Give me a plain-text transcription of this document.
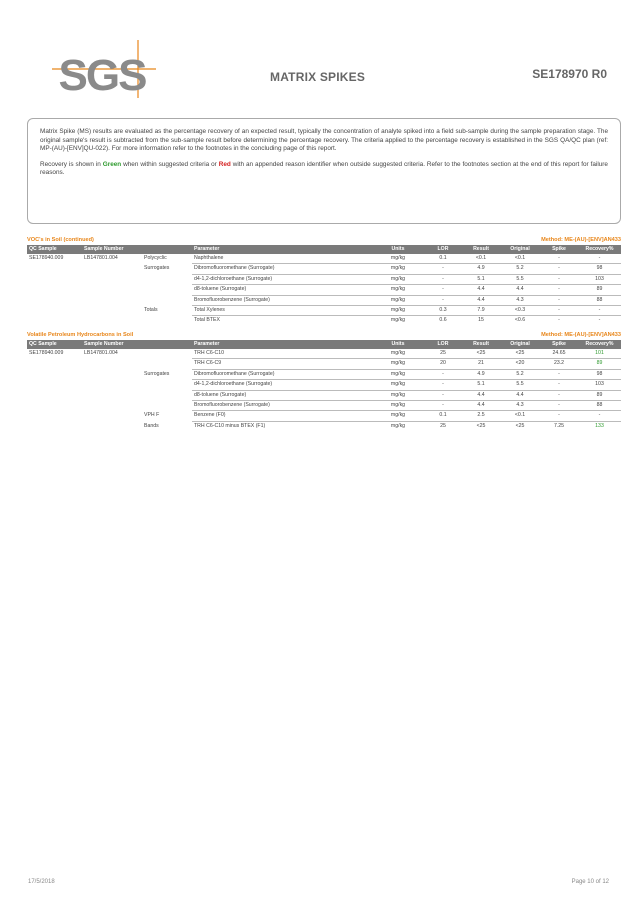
SGS	MATRIX SPIKES	SE178970 R0

Matrix Spike (MS) results are evaluated as the percentage recovery of an expected result, typically the concentration of analyte spiked into a field sub-sample during the sample preparation stage. The original sample's result is subtracted from the sub-sample result before determining the percentage recovery. The criteria applied to the percentage recovery is established in the SGS QA/QC plan (ref: MP-(AU)-[ENV]QU-022). For more information refer to the footnotes in the concluding page of this report.

Recovery is shown in Green when within suggested criteria or Red with an appended reason identifier when outside suggested criteria. Refer to the footnotes section at the end of this report for failure reasons.

VOC's in Soil (continued)	Method: ME-(AU)-[ENV]AN433
QC Sample	Sample Number		Parameter	Units	LOR	Result	Original	Spike	Recovery%
SE178940.009	LB147801.004	Polycyclic	Naphthalene	mg/kg	0.1	<0.1	<0.1	-	-
		Surrogates	Dibromofluoromethane (Surrogate)	mg/kg	-	4.9	5.2	-	98
			d4-1,2-dichloroethane (Surrogate)	mg/kg	-	5.1	5.5	-	103
			d8-toluene (Surrogate)	mg/kg	-	4.4	4.4	-	89
			Bromofluorobenzene (Surrogate)	mg/kg	-	4.4	4.3	-	88
		Totals	Total Xylenes	mg/kg	0.3	7.9	<0.3	-	-
			Total BTEX	mg/kg	0.6	15	<0.6	-	-
Volatile Petroleum Hydrocarbons in Soil	Method: ME-(AU)-[ENV]AN433
QC Sample	Sample Number		Parameter	Units	LOR	Result	Original	Spike	Recovery%
SE178940.009	LB147801.004		TRH C6-C10	mg/kg	25	<25	<25	24.65	101
			TRH C6-C9	mg/kg	20	21	<20	23.2	89
		Surrogates	Dibromofluoromethane (Surrogate)	mg/kg	-	4.9	5.2	-	98
			d4-1,2-dichloroethane (Surrogate)	mg/kg	-	5.1	5.5	-	103
			d8-toluene (Surrogate)	mg/kg	-	4.4	4.4	-	89
			Bromofluorobenzene (Surrogate)	mg/kg	-	4.4	4.3	-	88
		VPH F	Benzene (F0)	mg/kg	0.1	2.5	<0.1	-	-
		Bands	TRH C6-C10 minus BTEX (F1)	mg/kg	25	<25	<25	7.25	133
17/5/2018	Page 10 of 12
